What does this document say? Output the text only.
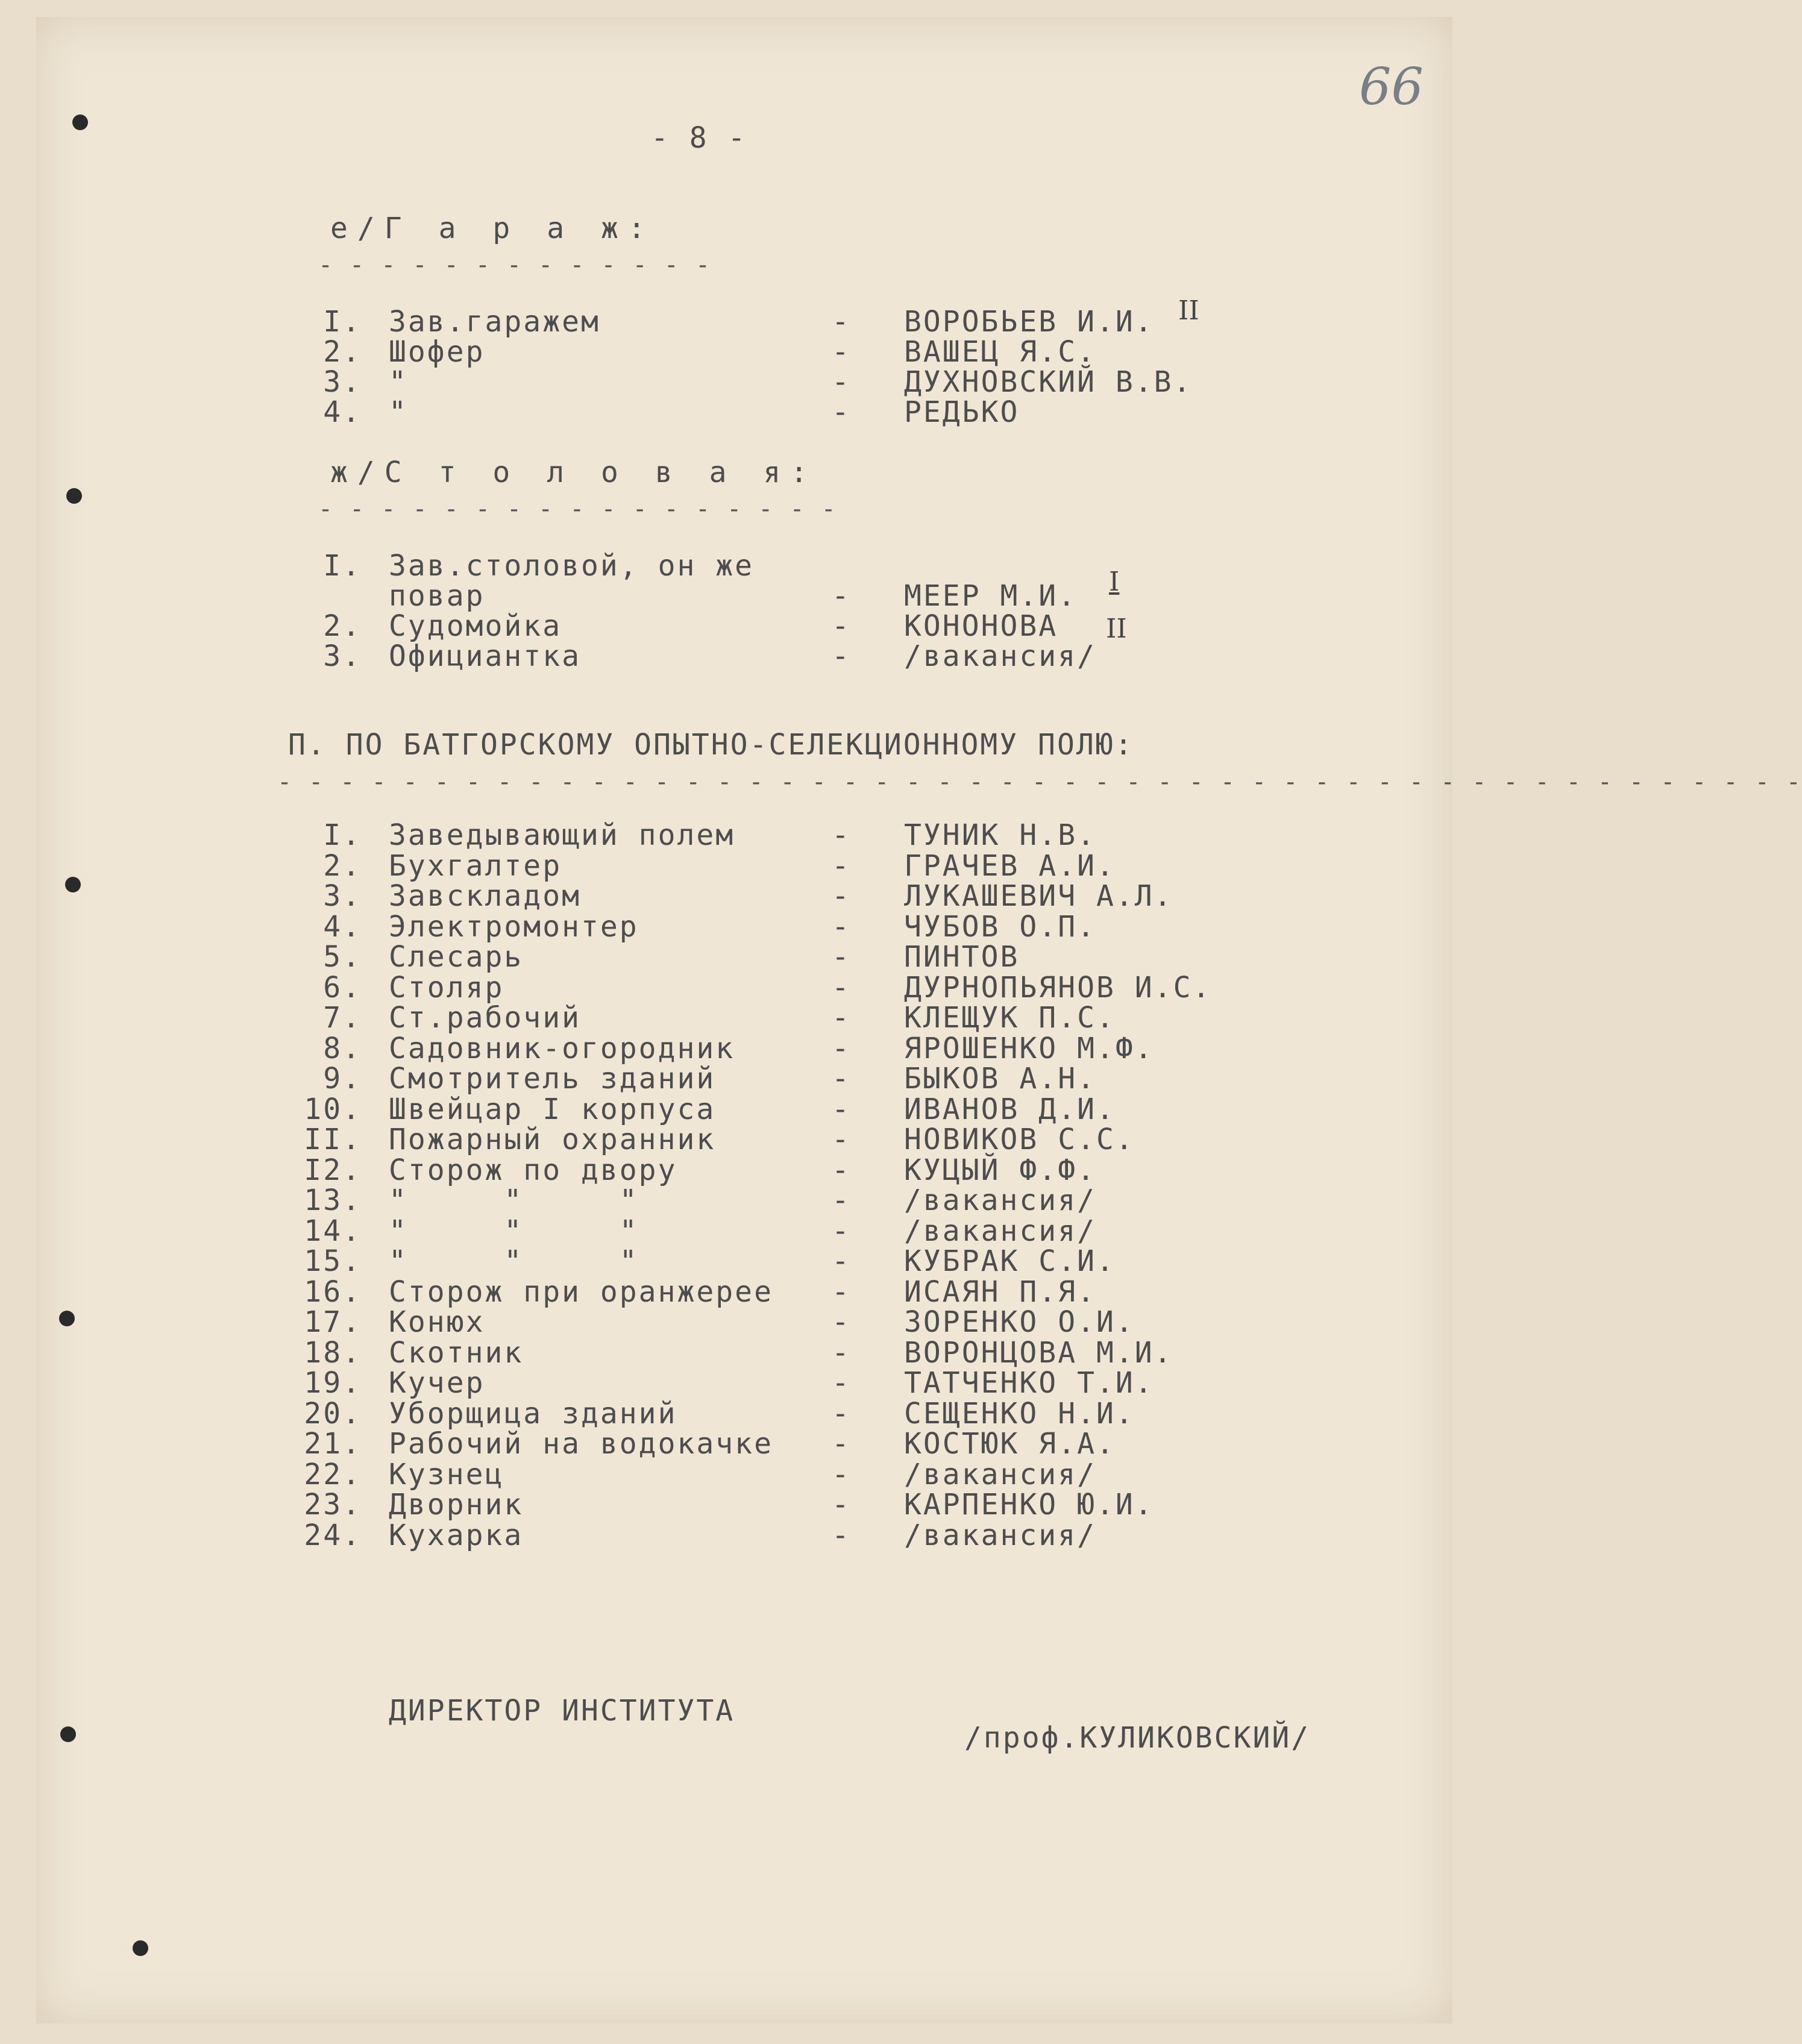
66
- 8 -
е/Г а р а ж:
- - - - - - - - - - - - -
I. Зав.гаражем	- ВОРОБЬЕВ И.И.
2. Шофер	- ВАШЕЦ Я.С.
3. "	- ДУХНОВСКИЙ В.В.
4. "	- РЕДЬКО
ж/С т о л о в а я:
- - - - - - - - - - - - - - - - -
I. Зав.столовой, он же
повар	- МЕЕР М.И.
2. Судомойка	- КОНОНОВА
3. Официантка	- /вакансия/
П. ПО БАТГОРСКОМУ ОПЫТНО-СЕЛЕКЦИОННОМУ ПОЛЮ:
- - - - - - - - - - - - - - - - - - - - - - - - - - - - - - - - - - - - - - - - - - - - - - - - -
I. Заведывающий полем	- ТУНИК Н.В.
2. Бухгалтер	- ГРАЧЕВ А.И.
3. Завскладом	- ЛУКАШЕВИЧ А.Л.
4. Электромонтер	- ЧУБОВ О.П.
5. Слесарь	- ПИНТОВ
6. Столяр	- ДУРНОПЬЯНОВ И.С.
7. Ст.рабочий	- КЛЕЩУК П.С.
8. Садовник-огородник	- ЯРОШЕНКО М.Ф.
9. Смотритель зданий	- БЫКОВ А.Н.
10. Швейцар I корпуса	- ИВАНОВ Д.И.
II. Пожарный охранник	- НОВИКОВ С.С.
I2. Сторож по двору	- КУЦЫЙ Ф.Ф.
13. "     "     "	- /вакансия/
14. "     "     "	- /вакансия/
15. "     "     "	- КУБРАК С.И.
16. Сторож при оранжерее - ИСАЯН П.Я.
17. Конюх	- ЗОРЕНКО О.И.
18. Скотник	- ВОРОНЦОВА М.И.
19. Кучер	- ТАТЧЕНКО Т.И.
20. Уборщица зданий	- СЕЩЕНКО Н.И.
21. Рабочий на водокачке - КОСТЮК Я.А.
22. Кузнец	- /вакансия/
23. Дворник	- КАРПЕНКО Ю.И.
24. Кухарка	- /вакансия/
II
I
II
ДИРЕКТОР ИНСТИТУТА
/проф.КУЛИКОВСКИЙ/
